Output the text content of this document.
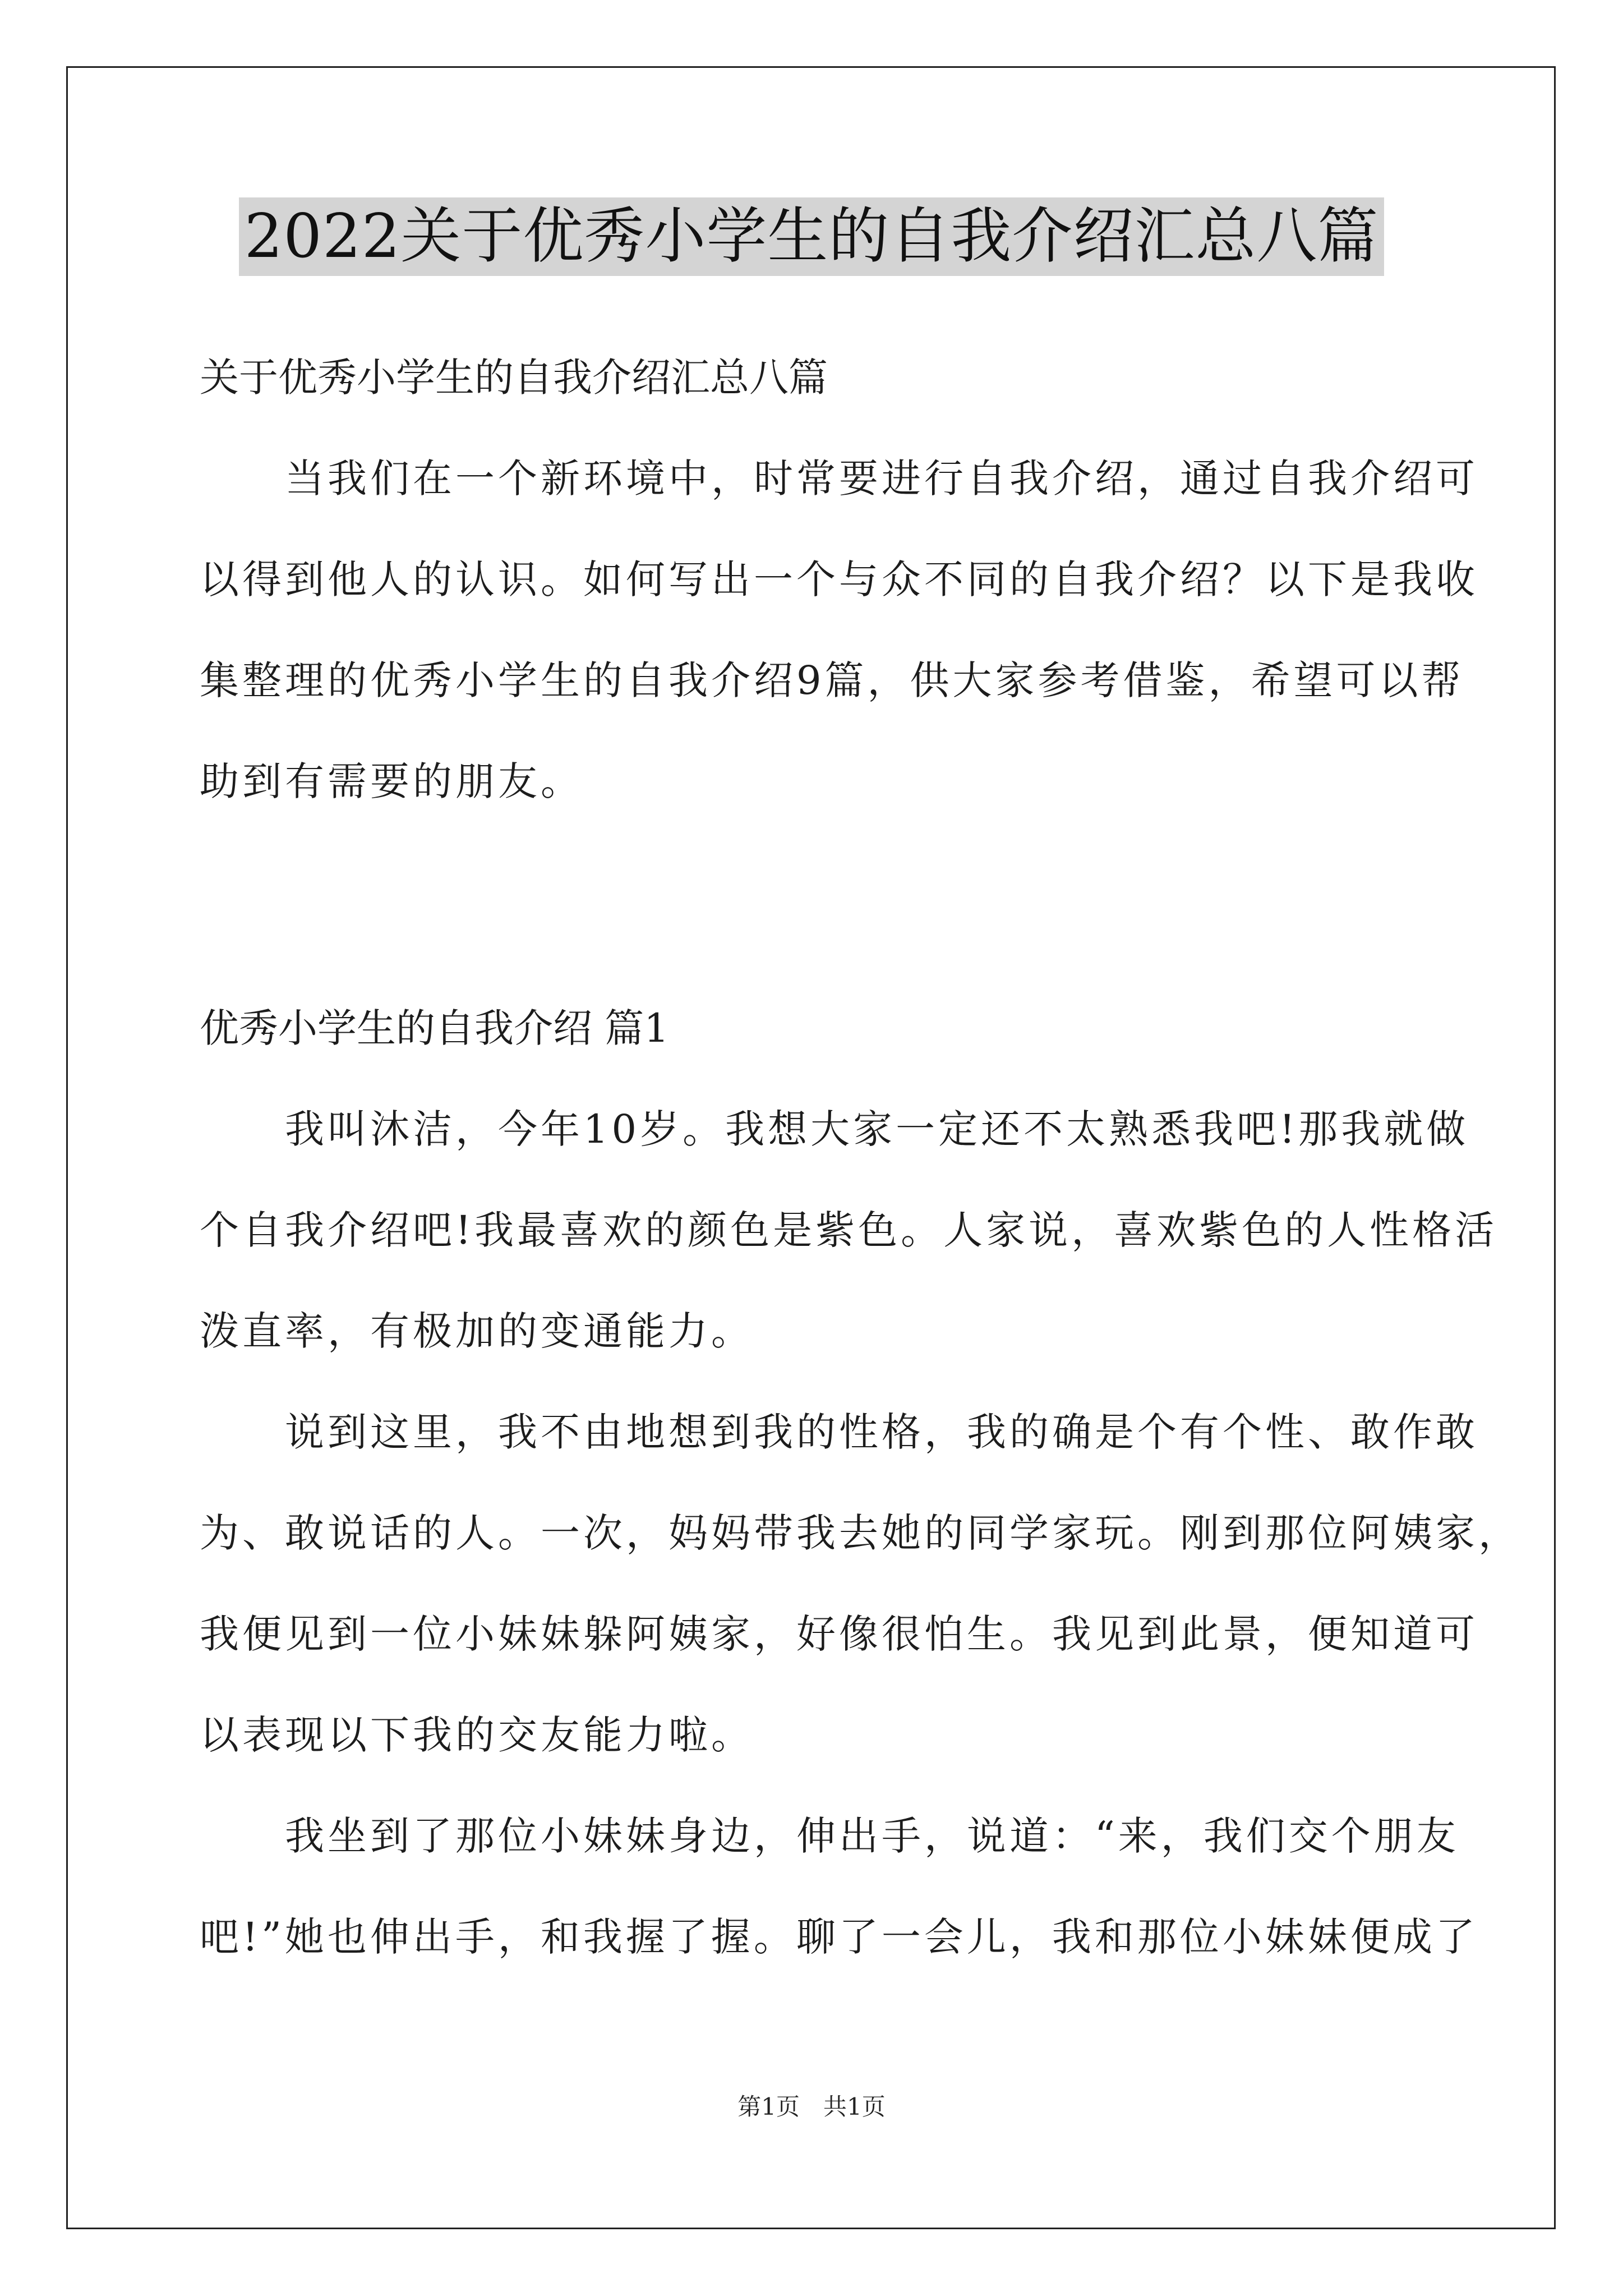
2022关于优秀小学生的自我介绍汇总八篇
关于优秀小学生的自我介绍汇总八篇
　　当我们在一个新环境中，时常要进行自我介绍，通过自我介绍可
以得到他人的认识。如何写出一个与众不同的自我介绍？以下是我收
集整理的优秀小学生的自我介绍9篇，供大家参考借鉴，希望可以帮
助到有需要的朋友。
优秀小学生的自我介绍 篇1
　　我叫沐洁，今年10岁。我想大家一定还不太熟悉我吧!那我就做
个自我介绍吧!我最喜欢的颜色是紫色。人家说，喜欢紫色的人性格活
泼直率，有极加的变通能力。
　　说到这里，我不由地想到我的性格，我的确是个有个性、敢作敢
为、敢说话的人。一次，妈妈带我去她的同学家玩。刚到那位阿姨家，
我便见到一位小妹妹躲阿姨家，好像很怕生。我见到此景，便知道可
以表现以下我的交友能力啦。
　　我坐到了那位小妹妹身边，伸出手，说道：“来，我们交个朋友
吧!”她也伸出手，和我握了握。聊了一会儿，我和那位小妹妹便成了
第1页　共1页
